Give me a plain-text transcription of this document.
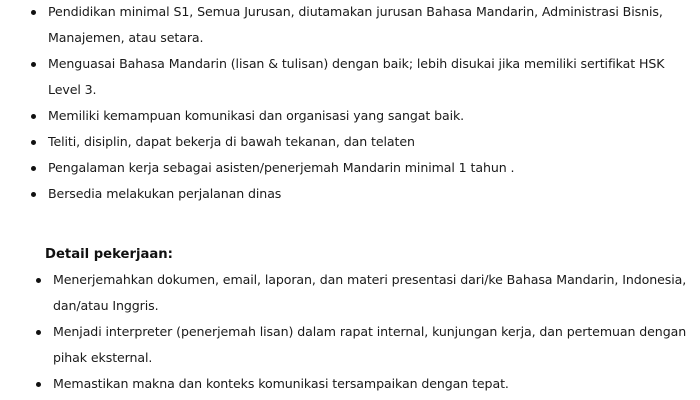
Pendidikan minimal S1, Semua Jurusan, diutamakan jurusan Bahasa Mandarin, Administrasi Bisnis, Manajemen, atau setara.
Menguasai Bahasa Mandarin (lisan & tulisan) dengan baik; lebih disukai jika memiliki sertifikat HSK Level 3.
Memiliki kemampuan komunikasi dan organisasi yang sangat baik.
Teliti, disiplin, dapat bekerja di bawah tekanan, dan telaten
Pengalaman kerja sebagai asisten/penerjemah Mandarin minimal 1 tahun .
Bersedia melakukan perjalanan dinas
Detail pekerjaan:
Menerjemahkan dokumen, email, laporan, dan materi presentasi dari/ke Bahasa Mandarin, Indonesia, dan/atau Inggris.
Menjadi interpreter (penerjemah lisan) dalam rapat internal, kunjungan kerja, dan pertemuan dengan pihak eksternal.
Memastikan makna dan konteks komunikasi tersampaikan dengan tepat.
